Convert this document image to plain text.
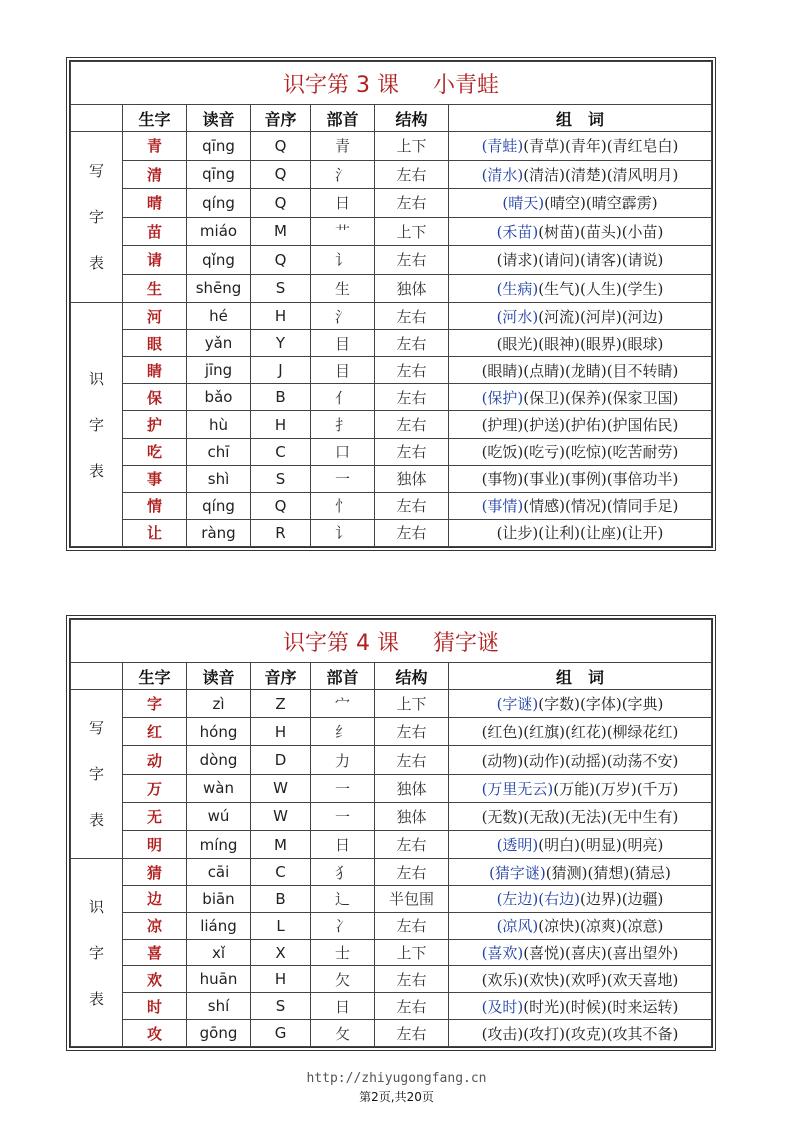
识字第 3 课 小青蛙						
	生字	读音	音序	部首	结构	组　词

写
字
表	青	qīng	Q	青	上下	(青蛙)(青草)(青年)(青红皂白)
	清	qīng	Q	氵	左右	(清水)(清洁)(清楚)(清风明月)
	晴	qíng	Q	日	左右	(晴天)(晴空)(晴空霹雳)
	苗	miáo	M	艹	上下	(禾苗)(树苗)(苗头)(小苗)
	请	qǐng	Q	讠	左右	(请求)(请问)(请客)(请说)
	生	shēng	S	生	独体	(生病)(生气)(人生)(学生)

识
字
表	河	hé	H	氵	左右	(河水)(河流)(河岸)(河边)
	眼	yǎn	Y	目	左右	(眼光)(眼神)(眼界)(眼球)
	睛	jīng	J	目	左右	(眼睛)(点睛)(龙睛)(目不转睛)
	保	bǎo	B	亻	左右	(保护)(保卫)(保养)(保家卫国)
	护	hù	H	扌	左右	(护理)(护送)(护佑)(护国佑民)
	吃	chī	C	口	左右	(吃饭)(吃亏)(吃惊)(吃苦耐劳)
	事	shì	S	一	独体	(事物)(事业)(事例)(事倍功半)
	情	qíng	Q	忄	左右	(事情)(情感)(情况)(情同手足)
	让	ràng	R	讠	左右	(让步)(让利)(让座)(让开)
识字第 4 课 猜字谜						
	生字	读音	音序	部首	结构	组　词

写
字
表	字	zì	Z	宀	上下	(字谜)(字数)(字体)(字典)
	红	hóng	H	纟	左右	(红色)(红旗)(红花)(柳绿花红)
	动	dòng	D	力	左右	(动物)(动作)(动摇)(动荡不安)
	万	wàn	W	一	独体	(万里无云)(万能)(万岁)(千万)
	无	wú	W	一	独体	(无数)(无敌)(无法)(无中生有)
	明	míng	M	日	左右	(透明)(明白)(明显)(明亮)

识
字
表	猜	cāi	C	犭	左右	(猜字谜)(猜测)(猜想)(猜忌)
	边	biān	B	辶	半包围	(左边)(右边)(边界)(边疆)
	凉	liáng	L	冫	左右	(凉风)(凉快)(凉爽)(凉意)
	喜	xǐ	X	士	上下	(喜欢)(喜悦)(喜庆)(喜出望外)
	欢	huān	H	欠	左右	(欢乐)(欢快)(欢呼)(欢天喜地)
	时	shí	S	日	左右	(及时)(时光)(时候)(时来运转)
	攻	gōng	G	攵	左右	(攻击)(攻打)(攻克)(攻其不备)
http://zhiyugongfang.cn
第2页,共20页
